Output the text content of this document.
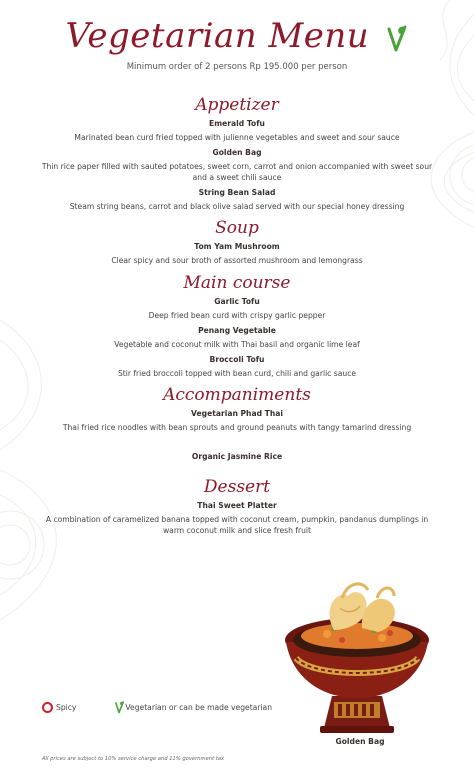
Vegetarian Menu
Minimum order of 2 persons Rp 195.000 per person
Appetizer
Emerald Tofu
Marinated bean curd fried topped with julienne vegetables and sweet and sour sauce
Golden Bag
Thin rice paper filled with sauted potatoes, sweet corn, carrot and onion accompanied with sweet sour and a sweet chili sauce
String Bean Salad
Steam string beans, carrot and black olive salad served with our special honey dressing
Soup
Tom Yam Mushroom
Clear spicy and sour broth of assorted mushroom and lemongrass
Main course
Garlic Tofu
Deep fried bean curd with crispy garlic pepper
Penang Vegetable
Vegetable and coconut milk with Thai basil and organic lime leaf
Broccoli Tofu
Stir fried broccoli topped with bean curd, chili and garlic sauce
Accompaniments
Vegetarian Phad Thai
Thai fried rice noodles with bean sprouts and ground peanuts with tangy tamarind dressing
Organic Jasmine Rice
Dessert
Thai Sweet Platter
A combination of caramelized banana topped with coconut cream, pumpkin, pandanus dumplings in warm coconut milk and slice fresh fruit
Golden Bag
Spicy	Vegetarian or can be made vegetarian
All prices are subject to 10% service charge and 11% government tax
